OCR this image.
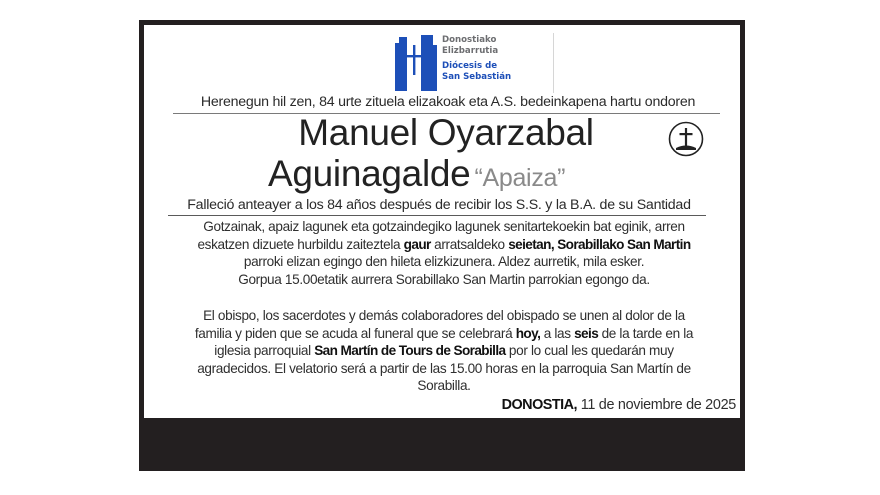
Donostiako
Elizbarrutia
Diócesis de
San Sebastián
Herenegun hil zen, 84 urte zituela elizakoak eta A.S. bedeinkapena hartu ondoren
Manuel Oyarzabal
Aguinagalde “Apaiza”
Falleció anteayer a los 84 años después de recibir los S.S. y la B.A. de su Santidad
Gotzainak, apaiz lagunek eta gotzaindegiko lagunek senitartekoekin bat eginik, arren
eskatzen dizuete hurbildu zaiteztela gaur arratsaldeko seietan, Sorabillako San Martin
parroki elizan egingo den hileta elizkizunera. Aldez aurretik, mila esker.
Gorpua 15.00etatik aurrera Sorabillako San Martin parrokian egongo da.
El obispo, los sacerdotes y demás colaboradores del obispado se unen al dolor de la
familia y piden que se acuda al funeral que se celebrará hoy, a las seis de la tarde en la
iglesia parroquial San Martín de Tours de Sorabilla por lo cual les quedarán muy
agradecidos. El velatorio será a partir de las 15.00 horas en la parroquia San Martín de
Sorabilla.
DONOSTIA, 11 de noviembre de 2025
